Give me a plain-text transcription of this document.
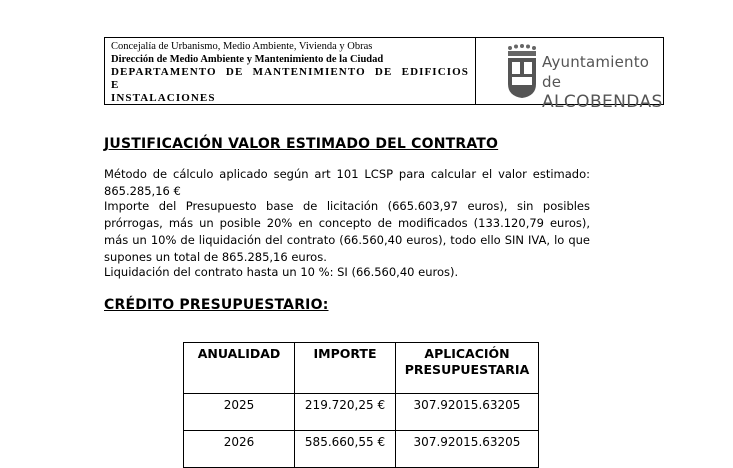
Concejalía de Urbanismo, Medio Ambiente, Vivienda y Obras
Dirección de Medio Ambiente y Mantenimiento de la Ciudad
DEPARTAMENTO DE MANTENIMIENTO DE EDIFICIOS E
INSTALACIONES
Ayuntamiento de
ALCOBENDAS
JUSTIFICACIÓN VALOR ESTIMADO DEL CONTRATO

Método de cálculo aplicado según art 101 LCSP para calcular el valor estimado: 865.285,16 €

Importe del Presupuesto base de licitación (665.603,97 euros), sin posibles prórrogas, más un posible 20% en concepto de modificados (133.120,79 euros), más un 10% de liquidación del contrato (66.560,40 euros), todo ello SIN IVA, lo que supones un total de 865.285,16 euros.

Liquidación del contrato hasta un 10 %: SI (66.560,40 euros).

CRÉDITO PRESUPUESTARIO:
ANUALIDAD	IMPORTE	APLICACIÓN PRESUPUESTARIA
2025	219.720,25 €	307.92015.63205
2026	585.660,55 €	307.92015.63205
